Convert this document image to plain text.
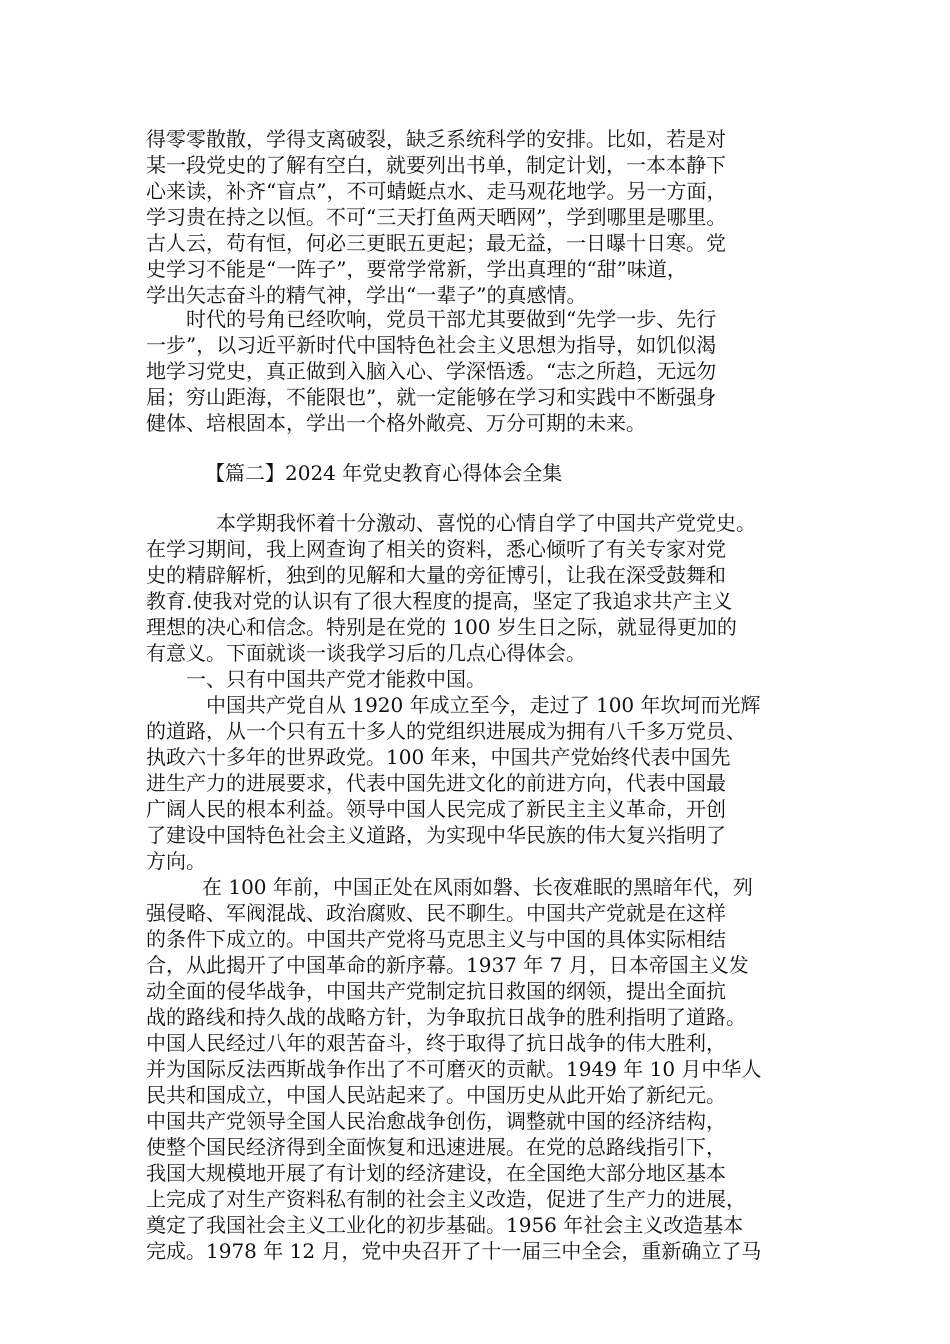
得零零散散，学得支离破裂，缺乏系统科学的安排。比如，若是对
某一段党史的了解有空白，就要列出书单，制定计划，一本本静下
心来读，补齐“盲点”，不可蜻蜓点水、走马观花地学。另一方面，
学习贵在持之以恒。不可“三天打鱼两天晒网”，学到哪里是哪里。
古人云，苟有恒，何必三更眠五更起；最无益，一日曝十日寒。党
史学习不能是“一阵子”，要常学常新，学出真理的“甜”味道，
学出矢志奋斗的精气神，学出“一辈子”的真感情。
时代的号角已经吹响，党员干部尤其要做到“先学一步、先行
一步”，以习近平新时代中国特色社会主义思想为指导，如饥似渴
地学习党史，真正做到入脑入心、学深悟透。“志之所趋，无远勿
届；穷山距海，不能限也”，就一定能够在学习和实践中不断强身
健体、培根固本，学出一个格外敞亮、万分可期的未来。
【篇二】2024 年党史教育心得体会全集
本学期我怀着十分激动、喜悦的心情自学了中国共产党党史。
在学习期间，我上网查询了相关的资料，悉心倾听了有关专家对党
史的精辟解析，独到的见解和大量的旁征博引，让我在深受鼓舞和
教育.使我对党的认识有了很大程度的提高，坚定了我追求共产主义
理想的决心和信念。特别是在党的 100 岁生日之际，就显得更加的
有意义。下面就谈一谈我学习后的几点心得体会。
一、只有中国共产党才能救中国。
中国共产党自从 1920 年成立至今，走过了 100 年坎坷而光辉
的道路，从一个只有五十多人的党组织进展成为拥有八千多万党员、
执政六十多年的世界政党。100 年来，中国共产党始终代表中国先
进生产力的进展要求，代表中国先进文化的前进方向，代表中国最
广阔人民的根本利益。领导中国人民完成了新民主主义革命，开创
了建设中国特色社会主义道路，为实现中华民族的伟大复兴指明了
方向。
在 100 年前，中国正处在风雨如磐、长夜难眠的黑暗年代，列
强侵略、军阀混战、政治腐败、民不聊生。中国共产党就是在这样
的条件下成立的。中国共产党将马克思主义与中国的具体实际相结
合，从此揭开了中国革命的新序幕。1937 年 7 月，日本帝国主义发
动全面的侵华战争，中国共产党制定抗日救国的纲领，提出全面抗
战的路线和持久战的战略方针，为争取抗日战争的胜利指明了道路。
中国人民经过八年的艰苦奋斗，终于取得了抗日战争的伟大胜利，
并为国际反法西斯战争作出了不可磨灭的贡献。1949 年 10 月中华人
民共和国成立，中国人民站起来了。中国历史从此开始了新纪元。
中国共产党领导全国人民治愈战争创伤，调整就中国的经济结构，
使整个国民经济得到全面恢复和迅速进展。在党的总路线指引下，
我国大规模地开展了有计划的经济建设，在全国绝大部分地区基本
上完成了对生产资料私有制的社会主义改造，促进了生产力的进展，
奠定了我国社会主义工业化的初步基础。1956 年社会主义改造基本
完成。1978 年 12 月，党中央召开了十一届三中全会，重新确立了马
